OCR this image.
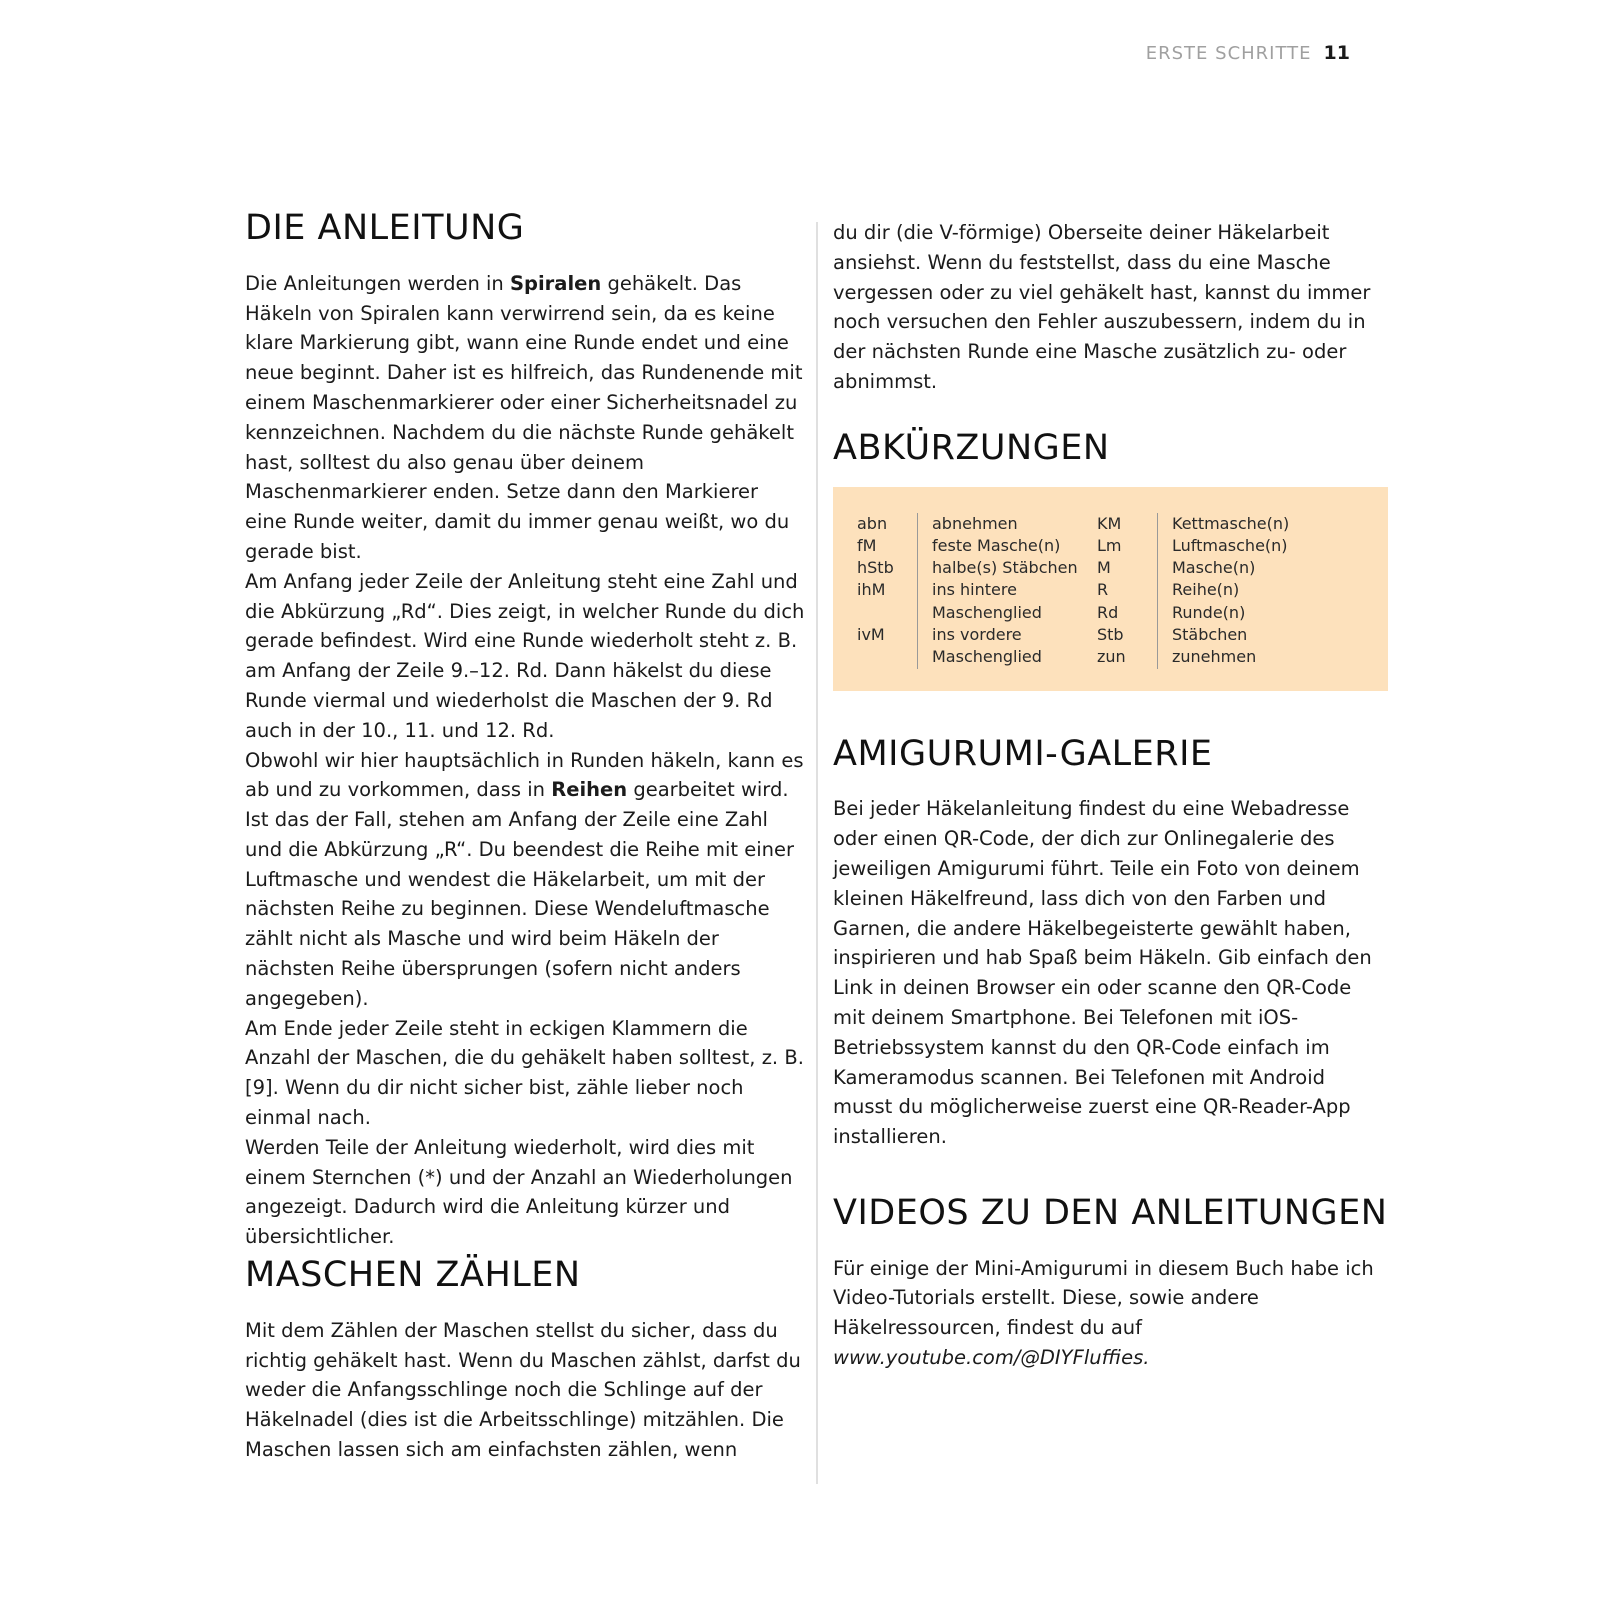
ERSTE SCHRITTE 11
DIE ANLEITUNG

Die Anleitungen werden in Spiralen gehäkelt. Das Häkeln von Spiralen kann verwirrend sein, da es keine klare Markierung gibt, wann eine Runde endet und eine neue beginnt. Daher ist es hilfreich, das Rundenende mit einem Maschenmarkierer oder einer Sicherheitsnadel zu kennzeichnen. Nachdem du die nächste Runde gehäkelt hast, solltest du also genau über deinem Maschenmarkierer enden. Setze dann den Markierer eine Runde weiter, damit du immer genau weißt, wo du gerade bist.

Am Anfang jeder Zeile der Anleitung steht eine Zahl und die Abkürzung „Rd“. Dies zeigt, in welcher Runde du dich gerade befindest. Wird eine Runde wiederholt steht z. B. am Anfang der Zeile 9.–12. Rd. Dann häkelst du diese Runde viermal und wiederholst die Maschen der 9. Rd auch in der 10., 11. und 12. Rd.

Obwohl wir hier hauptsächlich in Runden häkeln, kann es ab und zu vorkommen, dass in Reihen gearbeitet wird. Ist das der Fall, stehen am Anfang der Zeile eine Zahl und die Abkürzung „R“. Du beendest die Reihe mit einer Luftmasche und wendest die Häkelarbeit, um mit der nächsten Reihe zu beginnen. Diese Wendeluftmasche zählt nicht als Masche und wird beim Häkeln der nächsten Reihe übersprungen (sofern nicht anders angegeben).

Am Ende jeder Zeile steht in eckigen Klammern die Anzahl der Maschen, die du gehäkelt haben solltest, z. B. [9]. Wenn du dir nicht sicher bist, zähle lieber noch einmal nach.

Werden Teile der Anleitung wiederholt, wird dies mit einem Sternchen (*) und der Anzahl an Wiederholungen angezeigt. Dadurch wird die Anleitung kürzer und übersichtlicher.

MASCHEN ZÄHLEN

Mit dem Zählen der Maschen stellst du sicher, dass du richtig gehäkelt hast. Wenn du Maschen zählst, darfst du weder die Anfangsschlinge noch die Schlinge auf der Häkelnadel (dies ist die Arbeitsschlinge) mitzählen. Die Maschen lassen sich am einfachsten zählen, wenn

du dir (die V-förmige) Oberseite deiner Häkelarbeit ansiehst. Wenn du feststellst, dass du eine Masche vergessen oder zu viel gehäkelt hast, kannst du immer noch versuchen den Fehler auszubessern, indem du in der nächsten Runde eine Masche zusätzlich zu- oder abnimmst.

ABKÜRZUNGEN
abn
fM
hStb
ihM

ivM
abnehmen
feste Masche(n)
halbe(s) Stäbchen
ins hintere Maschenglied
ins vordere Maschenglied
KM
Lm
M
R
Rd
Stb
zun
Kettmasche(n)
Luftmasche(n)
Masche(n)
Reihe(n)
Runde(n)
Stäbchen
zunehmen
AMIGURUMI-GALERIE

Bei jeder Häkelanleitung findest du eine Webadresse oder einen QR-Code, der dich zur Onlinegalerie des jeweiligen Amigurumi führt. Teile ein Foto von deinem kleinen Häkelfreund, lass dich von den Farben und Garnen, die andere Häkelbegeisterte gewählt haben, inspirieren und hab Spaß beim Häkeln. Gib einfach den Link in deinen Browser ein oder scanne den QR-Code mit deinem Smartphone. Bei Telefonen mit iOS-Betriebssystem kannst du den QR-Code einfach im Kameramodus scannen. Bei Telefonen mit Android musst du möglicherweise zuerst eine QR-Reader-App installieren.

VIDEOS ZU DEN ANLEITUNGEN

Für einige der Mini-Amigurumi in diesem Buch habe ich Video-Tutorials erstellt. Diese, sowie andere Häkelressourcen, findest du auf

www.youtube.com/@DIYFluffies.
